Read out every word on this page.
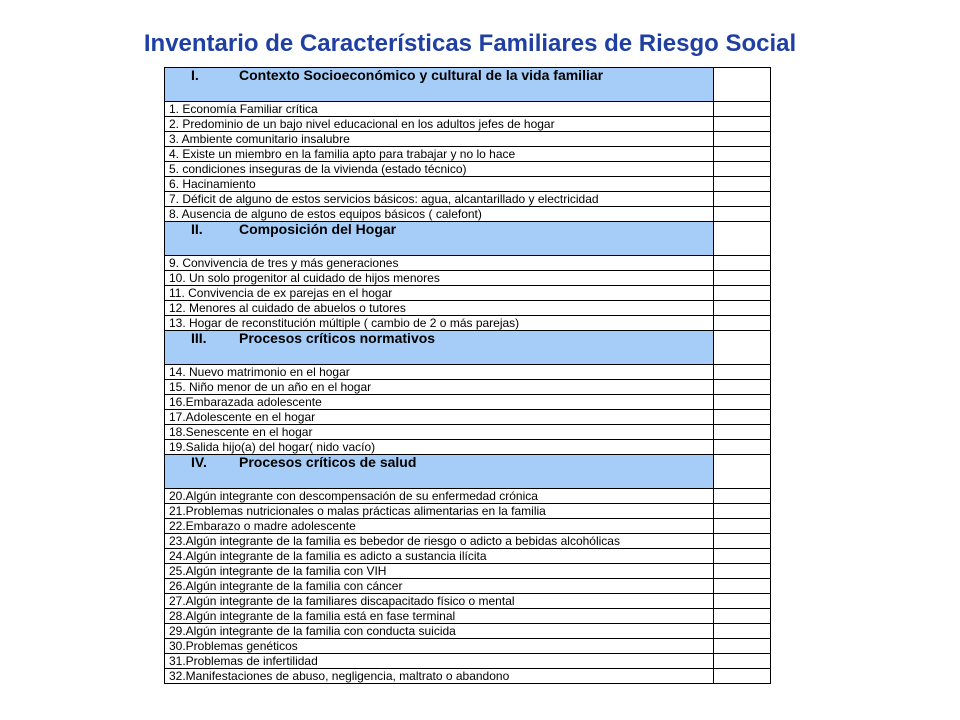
Inventario de Características Familiares de Riesgo Social
I. Contexto Socioeconómico y cultural de la vida familiar	
1. Economía Familiar crítica	
2. Predominio de un bajo nivel educacional en los adultos jefes de hogar	
3. Ambiente comunitario insalubre	
4. Existe un miembro en la familia apto para trabajar y no lo hace	
5. condiciones inseguras de la vivienda (estado técnico)	
6. Hacinamiento	
7. Déficit de alguno de estos servicios básicos: agua, alcantarillado y electricidad	
8. Ausencia de alguno de estos equipos básicos ( calefont)	
II. Composición del Hogar	
9. Convivencia de tres y más generaciones	
10. Un solo progenitor al cuidado de hijos menores	
11. Convivencia de ex parejas en el hogar	
12. Menores al cuidado de abuelos o tutores	
13. Hogar de reconstitución múltiple ( cambio de 2 o más parejas)	
III. Procesos críticos normativos	
14. Nuevo matrimonio en el hogar	
15. Niño menor de un año en el hogar	
16.Embarazada adolescente	
17.Adolescente en el hogar	
18.Senescente en el hogar	
19.Salida hijo(a) del hogar( nido vacío)	
IV. Procesos críticos de salud	
20.Algún integrante con descompensación de su enfermedad crónica	
21.Problemas nutricionales o malas prácticas alimentarias en la familia	
22.Embarazo o madre adolescente	
23.Algún integrante de la familia es bebedor de riesgo o adicto a bebidas alcohólicas	
24.Algún integrante de la familia es adicto a sustancia ilícita	
25.Algún integrante de la familia con VIH	
26.Algún integrante de la familia con cáncer	
27.Algún integrante de la familiares discapacitado físico o mental	
28.Algún integrante de la familia está en fase terminal	
29.Algún integrante de la familia con conducta suicida	
30.Problemas genéticos	
31.Problemas de infertilidad	
32.Manifestaciones de abuso, negligencia, maltrato o abandono	
